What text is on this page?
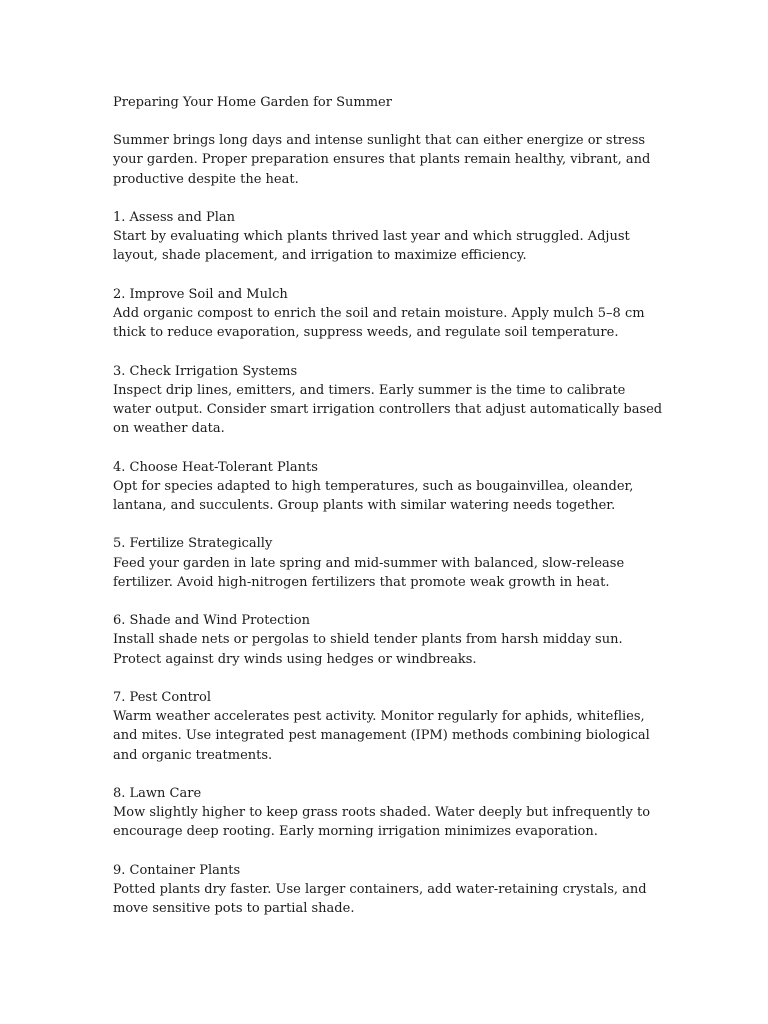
Preparing Your Home Garden for Summer

Summer brings long days and intense sunlight that can either energize or stress your garden. Proper preparation ensures that plants remain healthy, vibrant, and productive despite the heat.

1. Assess and Plan
Start by evaluating which plants thrived last year and which struggled. Adjust layout, shade placement, and irrigation to maximize efficiency.
2. Improve Soil and Mulch
Add organic compost to enrich the soil and retain moisture. Apply mulch 5–8 cm thick to reduce evaporation, suppress weeds, and regulate soil temperature.
3. Check Irrigation Systems
Inspect drip lines, emitters, and timers. Early summer is the time to calibrate water output. Consider smart irrigation controllers that adjust automatically based on weather data.
4. Choose Heat-Tolerant Plants
Opt for species adapted to high temperatures, such as bougainvillea, oleander, lantana, and succulents. Group plants with similar watering needs together.
5. Fertilize Strategically
Feed your garden in late spring and mid-summer with balanced, slow-release fertilizer. Avoid high-nitrogen fertilizers that promote weak growth in heat.
6. Shade and Wind Protection
Install shade nets or pergolas to shield tender plants from harsh midday sun. Protect against dry winds using hedges or windbreaks.
7. Pest Control
Warm weather accelerates pest activity. Monitor regularly for aphids, whiteflies, and mites. Use integrated pest management (IPM) methods combining biological and organic treatments.
8. Lawn Care
Mow slightly higher to keep grass roots shaded. Water deeply but infrequently to encourage deep rooting. Early morning irrigation minimizes evaporation.
9. Container Plants
Potted plants dry faster. Use larger containers, add water-retaining crystals, and move sensitive pots to partial shade.
